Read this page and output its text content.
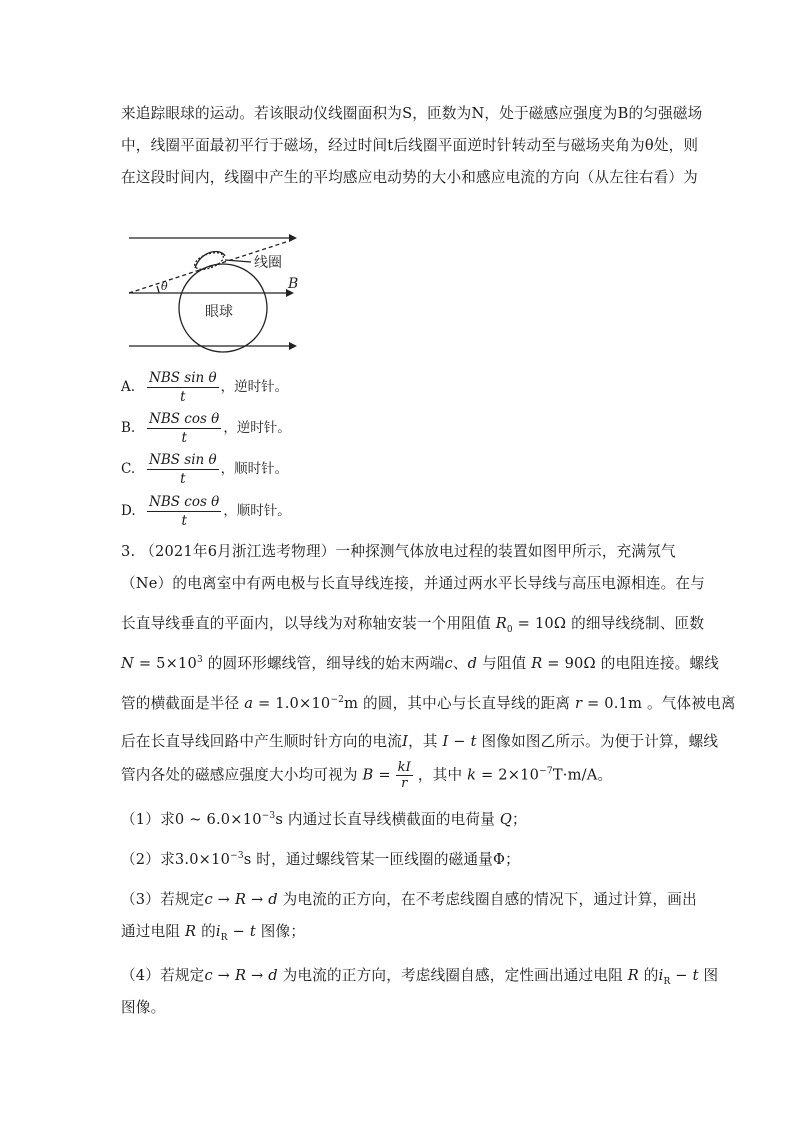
来追踪眼球的运动。若该眼动仪线圈面积为S，匝数为N，处于磁感应强度为B的匀强磁场
中，线圈平面最初平行于磁场，经过时间t后线圈平面逆时针转动至与磁场夹角为θ处，则
在这段时间内，线圈中产生的平均感应电动势的大小和感应电流的方向（从左往右看）为
线圈
B
θ
眼球
A. $\frac{\text{NBS sin θ}}{t}$ ，逆时针。
B. $\frac{\text{NBS cos θ}}{t}$ ，逆时针。
C. $\frac{\text{NBS sin θ}}{t}$ ，顺时针。
D. $\frac{\text{NBS cos θ}}{t}$ ，顺时针。
3. （2021年6月浙江选考物理）一种探测气体放电过程的装置如图甲所示，充满氖气
（Ne）的电离室中有两电极与长直导线连接，并通过两水平长导线与高压电源相连。在与
长直导线垂直的平面内，以导线为对称轴安装一个用阻值 $R_0 = 10\Omega$ 的细导线绕制、匝数
$N = 5\times 10^3$ 的圆环形螺线管，细导线的始末两端c、d 与阻值 R = 90Ω 的电阻连接。螺线
管的横截面是半径 $a = 1.0\times 10^{-2}m$ 的圆，其中心与长直导线的距离 r = 0.1m 。气体被电离
后在长直导线回路中产生顺时针方向的电流I，其 I − t 图像如图乙所示。为便于计算，螺线
管内各处的磁感应强度大小均可视为 $B = \frac{kI}{r}$ ，其中 $k = 2\times 10^{-7}T\cdot m/A$。
（1）求0 ~ $6.0\times 10^{-3}s$ 内通过长直导线横截面的电荷量 Q；
（2）求$3.0\times 10^{-3}s$ 时，通过螺线管某一匝线圈的磁通量Φ；
（3）若规定c → R → d 为电流的正方向，在不考虑线圈自感的情况下，通过计算，画出
通过电阻 R 的$i_R - t$ 图像；
（4）若规定c → R → d 为电流的正方向，考虑线圈自感，定性画出通过电阻 R 的$i_R - t$ 图
图像。
